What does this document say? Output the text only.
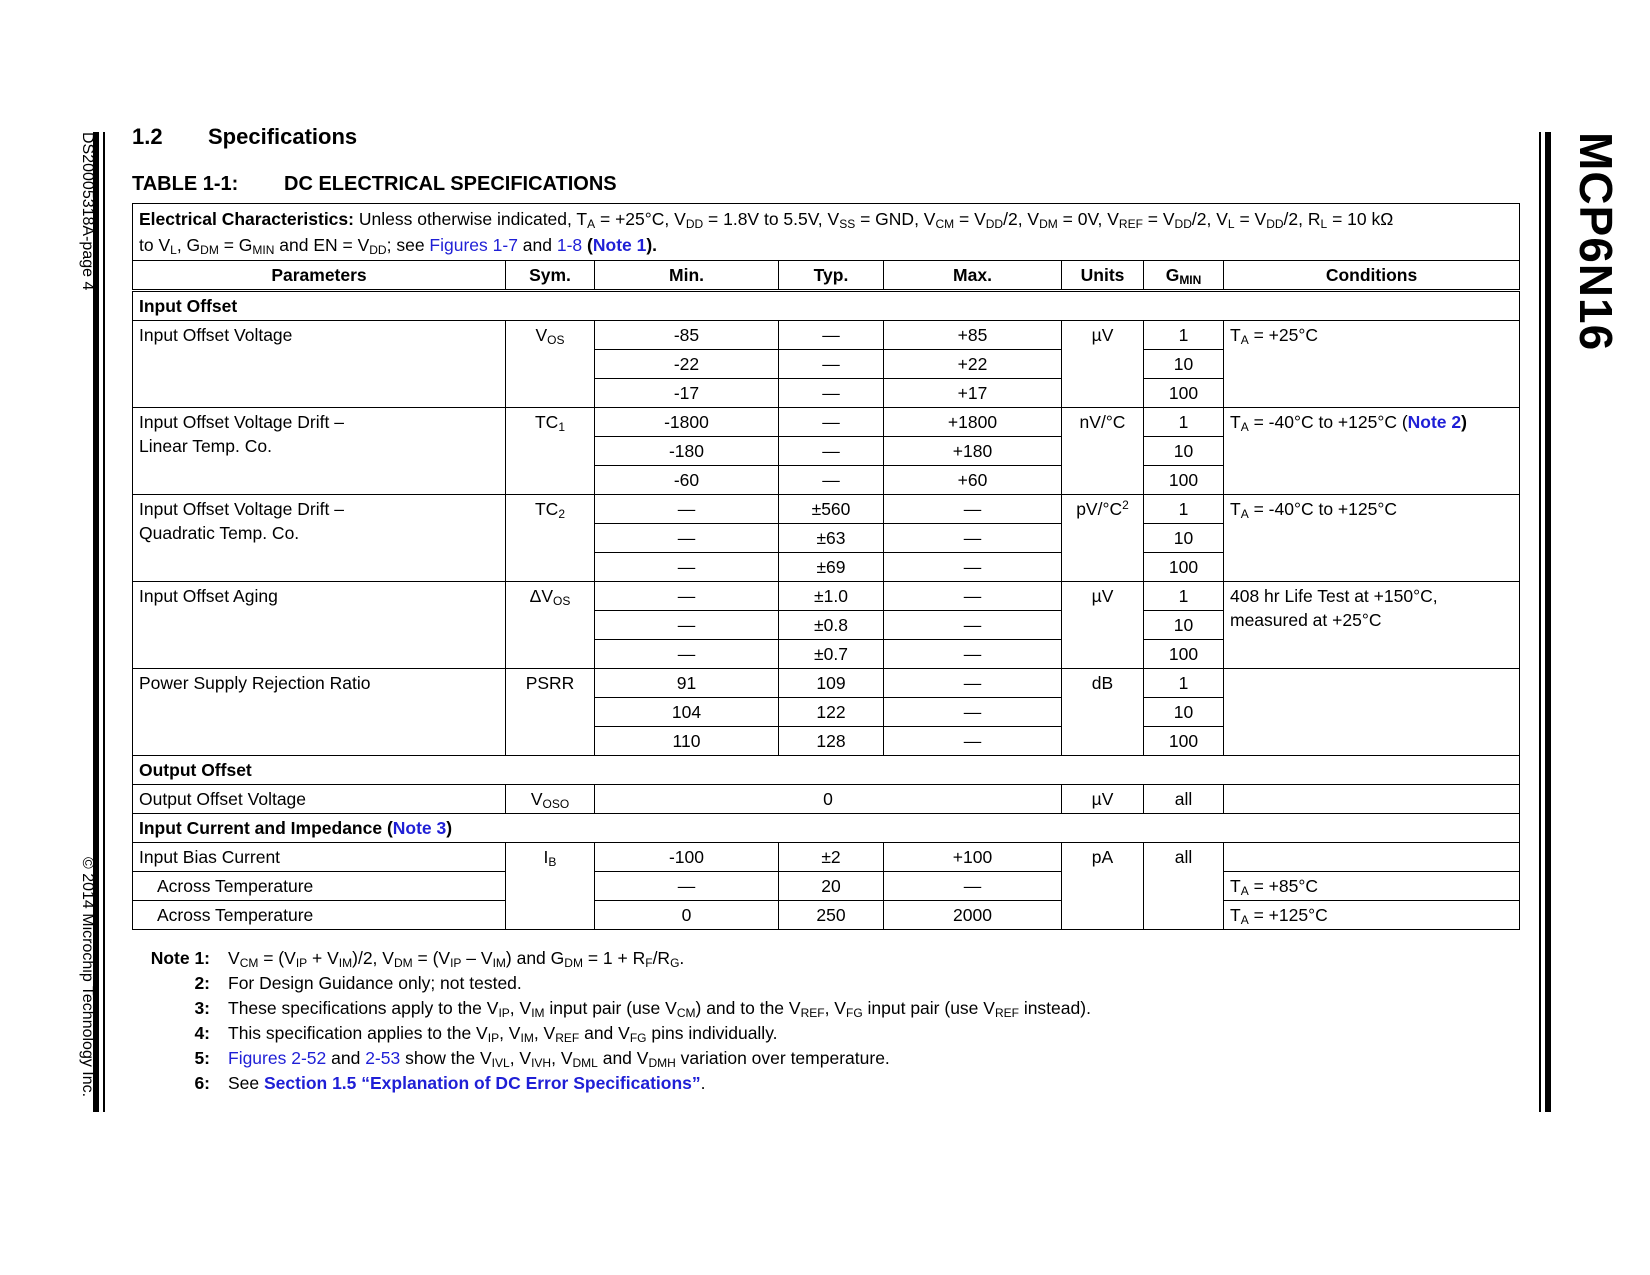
DS20005318A-page 4
© 2014 Microchip Technology Inc.
MCP6N16
1.2 Specifications
TABLE 1-1: DC ELECTRICAL SPECIFICATIONS
Electrical Characteristics: Unless otherwise indicated, $T_A = +25^\circ C$, $V_{DD} = 1.8V$ to 5.5V, $V_{SS}$ = GND, $V_{CM} = V_{DD}/2$, $V_{DM} = 0V$, $V_{REF} = V_{DD}/2$, $V_L = V_{DD}/2$, $R_L = 10$ kΩ
to $V_L$, $G_{DM} = G_{MIN}$ and EN = $V_{DD}$; see Figures 1-7 and 1-8 (Note 1).							
Parameters	Sym.	Min.	Typ.	Max.	Units	$G_{MIN}$	Conditions
Input Offset							
Input Offset Voltage	$V_{OS}$	-85	—	+85	µV	1	$T_A = +25^\circ C$
		-22	—	+22		10	
		-17	—	+17		100	
Input Offset Voltage Drift –
Linear Temp. Co.	$TC_1$	-1800	—	+1800	nV/°C	1	$T_A = -40^\circ C$ to +125°C (Note 2)
		-180	—	+180		10	
		-60	—	+60		100	
Input Offset Voltage Drift –
Quadratic Temp. Co.	$TC_2$	—	±560	—	$pV/^\circ C^2$	1	$T_A = -40^\circ C$ to +125°C
		—	±63	—		10	
		—	±69	—		100	
Input Offset Aging	$\Delta V_{OS}$	—	±1.0	—	µV	1	408 hr Life Test at +150°C,
measured at +25°C
		—	±0.8	—		10	
		—	±0.7	—		100	
Power Supply Rejection Ratio	PSRR	91	109	—	dB	1	
		104	122	—		10	
		110	128	—		100	
Output Offset							
Output Offset Voltage	$V_{OSO}$	0			µV	all	
Input Current and Impedance (Note 3)							
Input Bias Current	$I_B$	-100	±2	+100	pA	all	
Across Temperature		—	20	—			$T_A = +85^\circ C$
Across Temperature		0	250	2000			$T_A = +125^\circ C$
Note 1:	$V_{CM} = (V_{IP} + V_{IM})/2$, $V_{DM} = (V_{IP} - V_{IM})$ and $G_{DM} = 1 + R_F/R_G$.
2:	For Design Guidance only; not tested.
3:	These specifications apply to the $V_{IP}$, $V_{IM}$ input pair (use $V_{CM}$) and to the $V_{REF}$, $V_{FG}$ input pair (use $V_{REF}$ instead).
4:	This specification applies to the $V_{IP}$, $V_{IM}$, $V_{REF}$ and $V_{FG}$ pins individually.
5:	Figures 2-52 and 2-53 show the $V_{IVL}$, $V_{IVH}$, $V_{DML}$ and $V_{DMH}$ variation over temperature.
6:	See Section 1.5 “Explanation of DC Error Specifications”.
